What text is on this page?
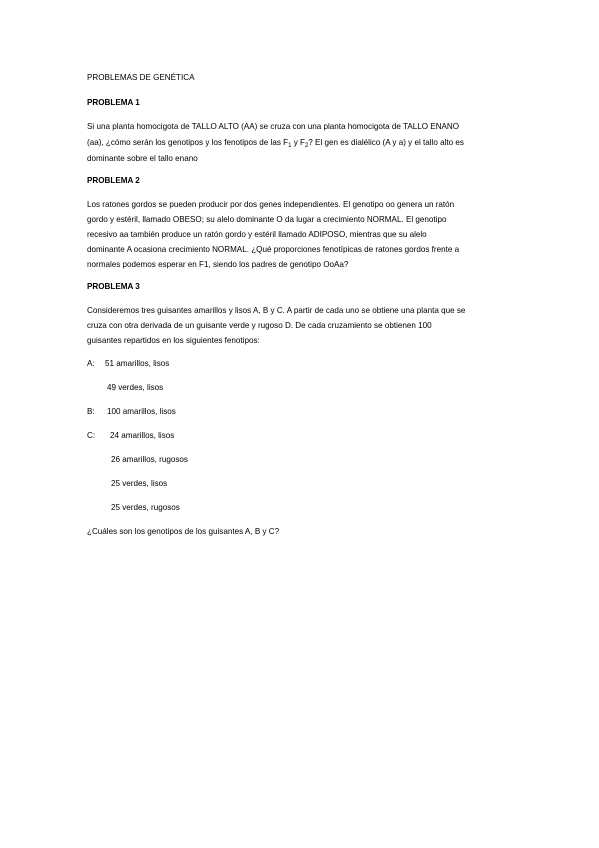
PROBLEMAS DE GENÉTICA
PROBLEMA 1
Si una planta homocigota de TALLO ALTO (AA) se cruza con una planta homocigota de TALLO ENANO
(aa), ¿cómo serán los genotipos y los fenotipos de las $F_1$ y $F_2$? El gen es dialélico (A y a) y el tallo alto es
dominante sobre el tallo enano
PROBLEMA 2
Los ratones gordos se pueden producir por dos genes independientes. El genotipo oo genera un ratón
gordo y estéril, llamado OBESO; su alelo dominante O da lugar a crecimiento NORMAL. El genotipo
recesivo aa también produce un ratón gordo y estéril llamado ADIPOSO, mientras que su alelo
dominante A ocasiona crecimiento NORMAL. ¿Qué proporciones fenotípicas de ratones gordos frente a
normales podemos esperar en F1, siendo los padres de genotipo OoAa?
PROBLEMA 3
Consideremos tres guisantes amarillos y lisos A, B y C. A partir de cada uno se obtiene una planta que se
cruza con otra derivada de un guisante verde y rugoso D. De cada cruzamiento se obtienen 100
guisantes repartidos en los siguientes fenotipos:
A: 51 amarillos, lisos
49 verdes, lisos
B: 100 amarillos, lisos
C: 24 amarillos, lisos
26 amarillos, rugosos
25 verdes, lisos
25 verdes, rugosos
¿Cuáles son los genotipos de los guisantes A, B y C?
